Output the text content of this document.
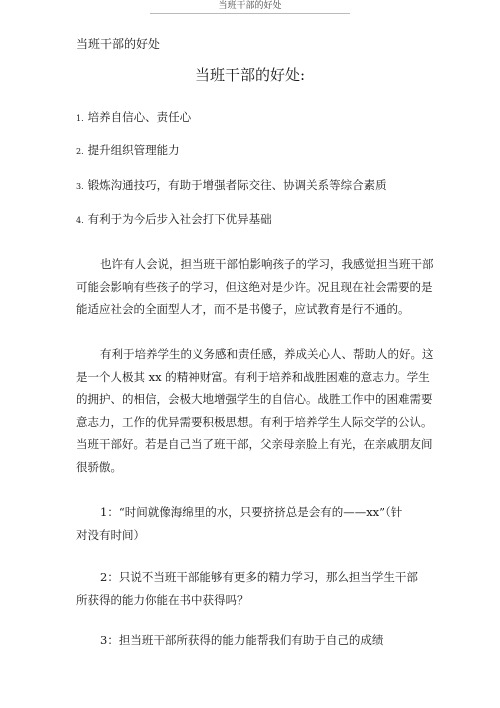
当班干部的好处
当班干部的好处
当班干部的好处:
1. 培养自信心、责任心
2. 提升组织管理能力
3. 锻炼沟通技巧，有助于增强者际交往、协调关系等综合素质
4. 有利于为今后步入社会打下优异基础
也许有人会说，担当班干部怕影响孩子的学习，我感觉担当班干部
可能会影响有些孩子的学习，但这绝对是少许。况且现在社会需要的是
能适应社会的全面型人才，而不是书傻子，应试教育是行不通的。
有利于培养学生的义务感和责任感，养成关心人、帮助人的好。这
是一个人极其 xx 的精神财富。有利于培养和战胜困难的意志力。学生
的拥护、的相信，会极大地增强学生的自信心。战胜工作中的困难需要
意志力，工作的优异需要积极思想。有利于培养学生人际交学的公认。
当班干部好。若是自己当了班干部，父亲母亲脸上有光，在亲戚朋友间
很骄傲。
1：“时间就像海绵里的水，只要挤挤总是会有的——xx”（针
对没有时间）
2：只说不当班干部能够有更多的精力学习，那么担当学生干部
所获得的能力你能在书中获得吗？
3：担当班干部所获得的能力能帮我们有助于自己的成绩
